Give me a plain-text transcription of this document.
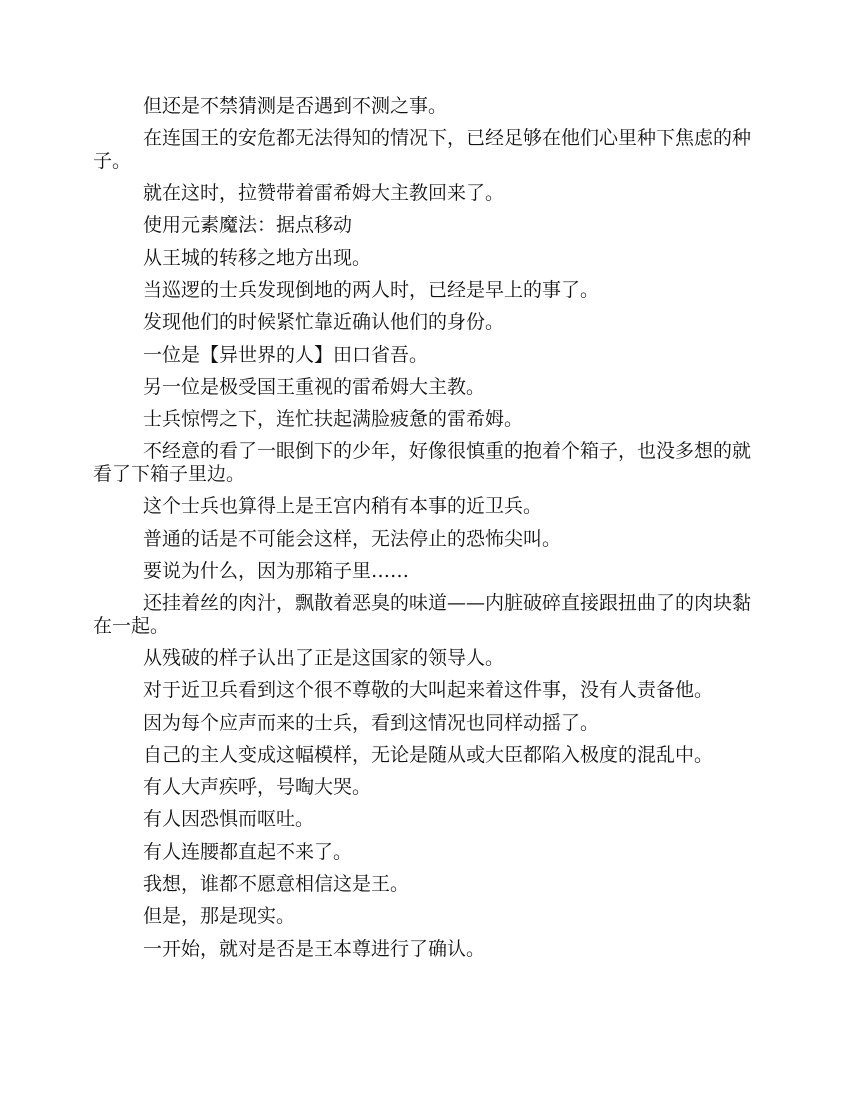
但还是不禁猜测是否遇到不测之事。

在连国王的安危都无法得知的情况下，已经足够在他们心里种下焦虑的种子。

就在这时，拉赞带着雷希姆大主教回来了。

使用元素魔法：据点移动

从王城的转移之地方出现。

当巡逻的士兵发现倒地的两人时，已经是早上的事了。

发现他们的时候紧忙靠近确认他们的身份。

一位是【异世界的人】田口省吾。

另一位是极受国王重视的雷希姆大主教。

士兵惊愕之下，连忙扶起满脸疲惫的雷希姆。

不经意的看了一眼倒下的少年，好像很慎重的抱着个箱子，也没多想的就看了下箱子里边。

这个士兵也算得上是王宫内稍有本事的近卫兵。

普通的话是不可能会这样，无法停止的恐怖尖叫。

要说为什么，因为那箱子里……

还挂着丝的肉汁，飘散着恶臭的味道——内脏破碎直接跟扭曲了的肉块黏在一起。

从残破的样子认出了正是这国家的领导人。

对于近卫兵看到这个很不尊敬的大叫起来着这件事，没有人责备他。

因为每个应声而来的士兵，看到这情况也同样动摇了。

自己的主人变成这幅模样，无论是随从或大臣都陷入极度的混乱中。

有人大声疾呼，号啕大哭。

有人因恐惧而呕吐。

有人连腰都直起不来了。

我想，谁都不愿意相信这是王。

但是，那是现实。

一开始，就对是否是王本尊进行了确认。
